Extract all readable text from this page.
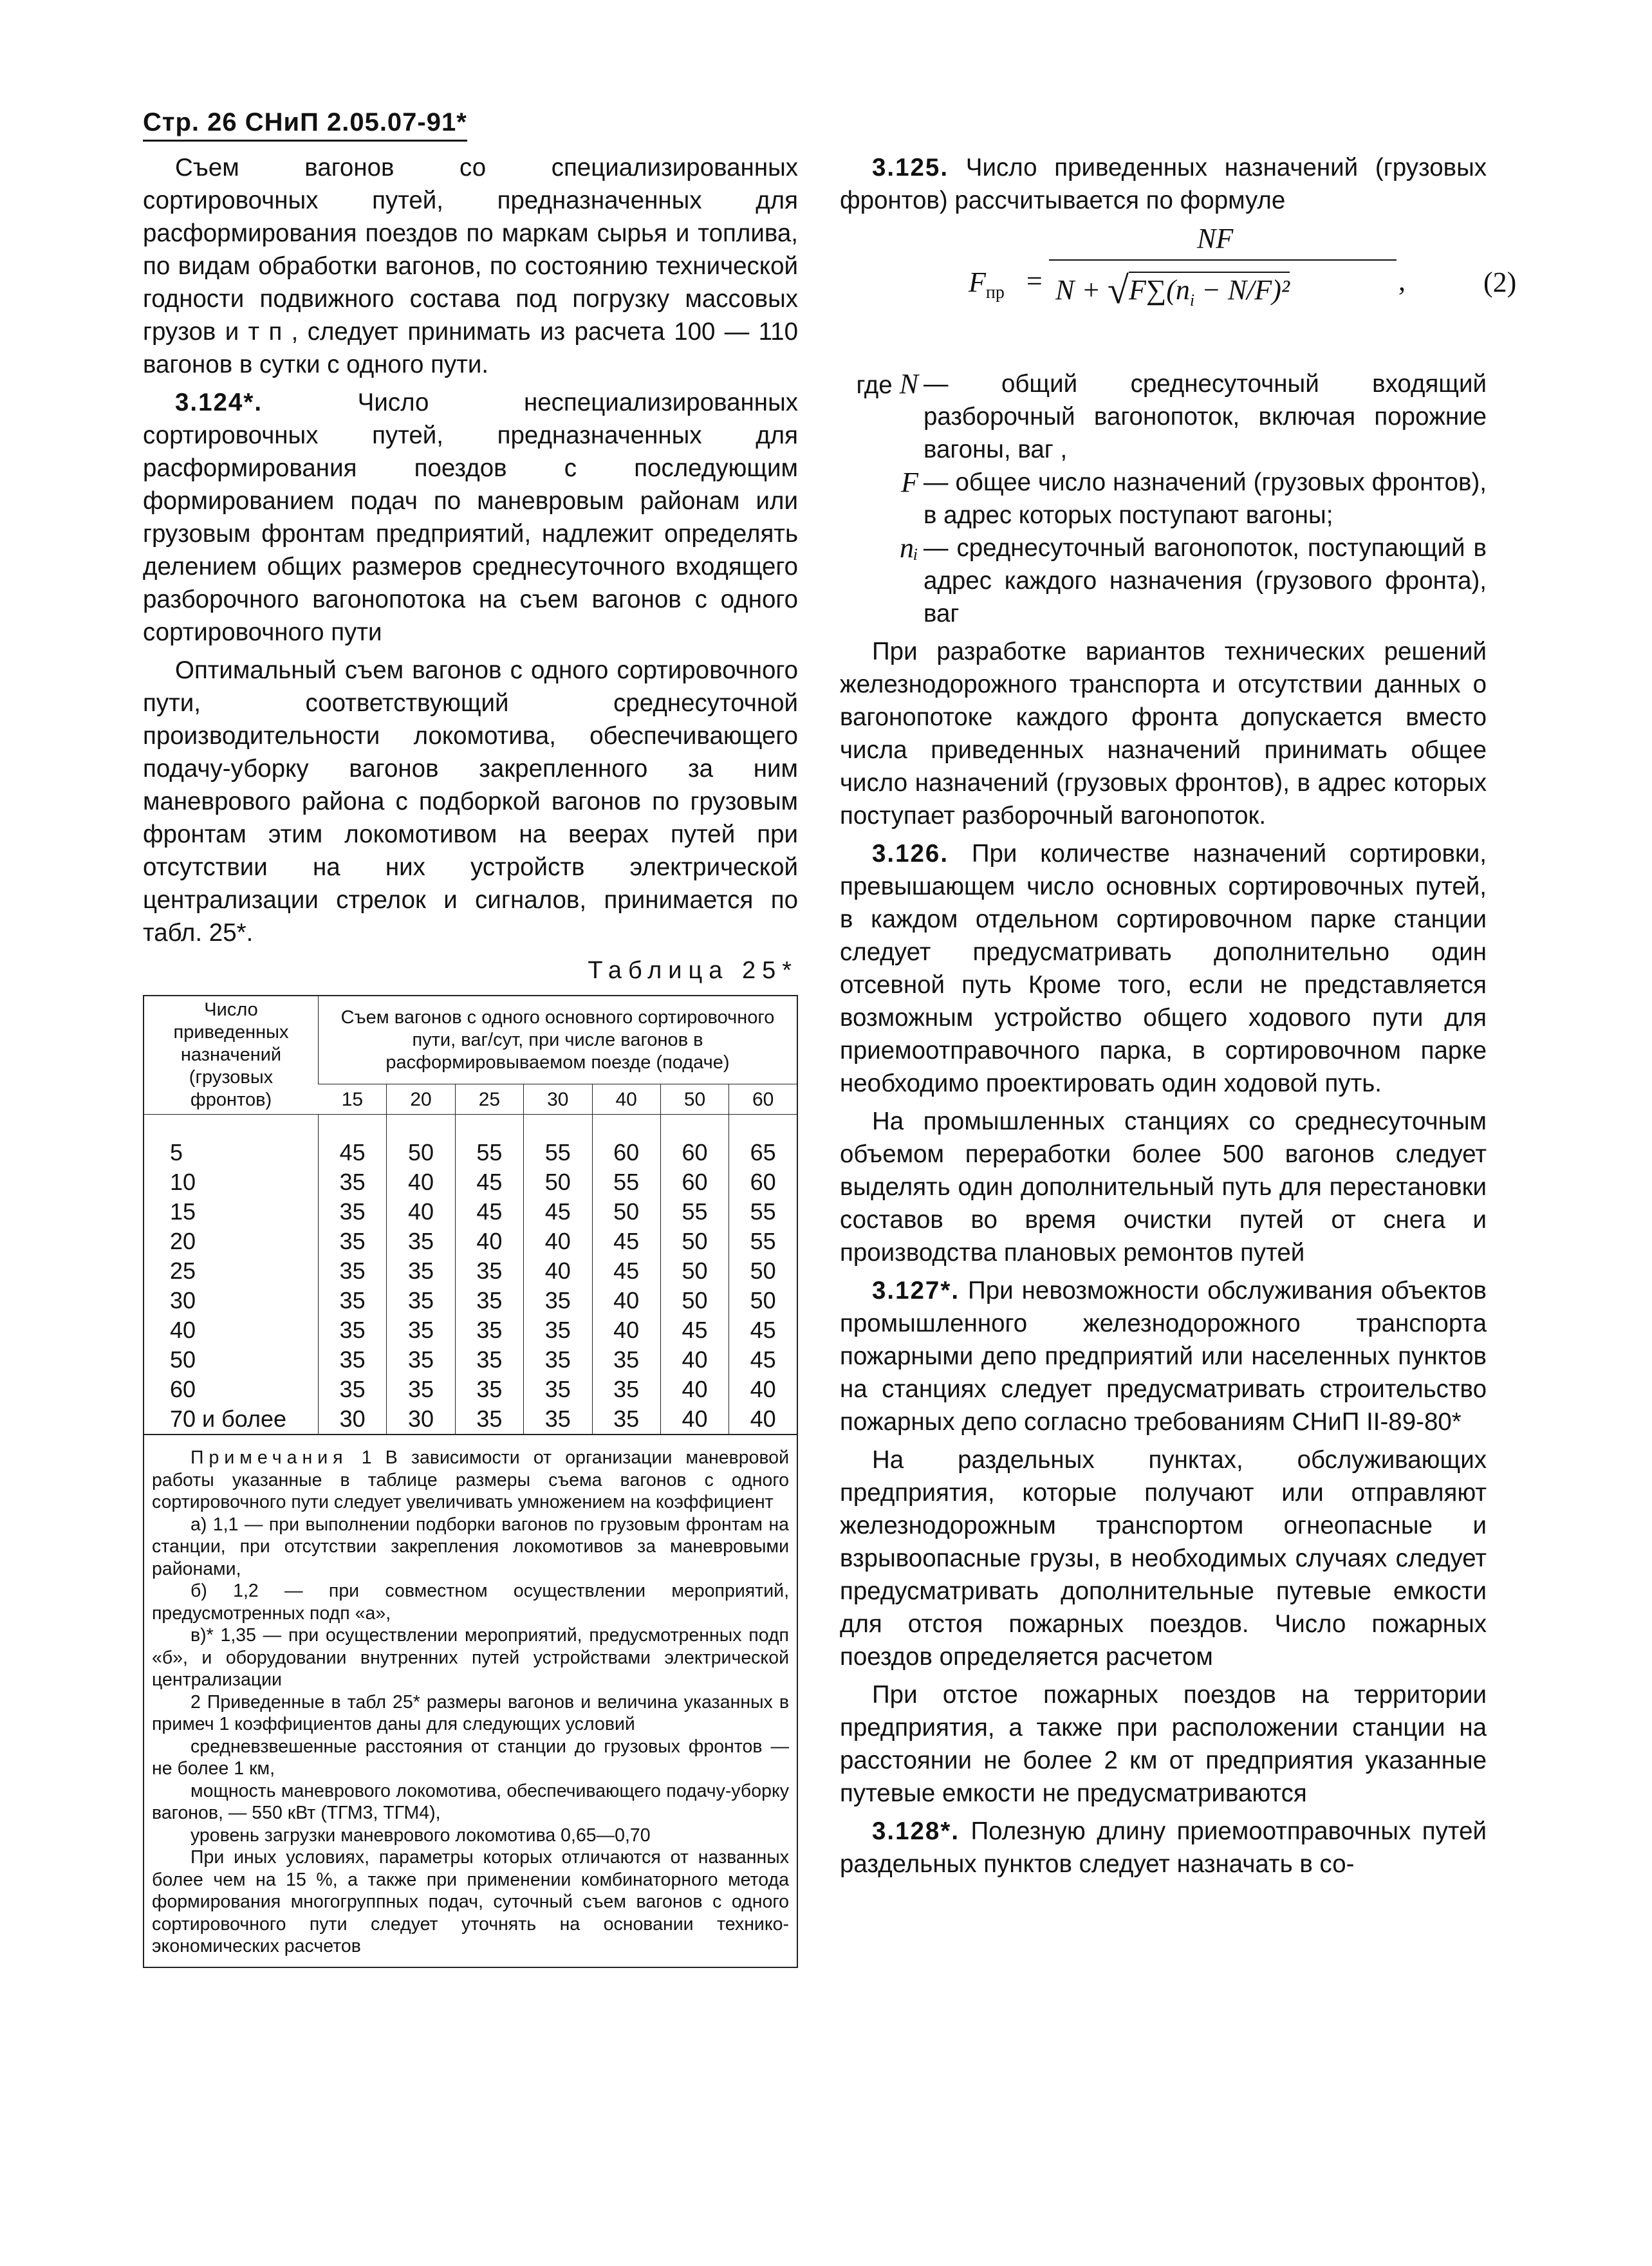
Стр. 26 СНиП 2.05.07-91*

Съем вагонов со специализированных сортировочных путей, предназначенных для расформирования поездов по маркам сырья и топлива, по видам обработки вагонов, по состоянию технической годности подвижного состава под погрузку массовых грузов и т п , следует принимать из расчета 100 — 110 вагонов в сутки с одного пути.

3.124*. Число неспециализированных сортировочных путей, предназначенных для расформирования поездов с последующим формированием подач по маневровым районам или грузовым фронтам предприятий, надлежит определять делением общих размеров среднесуточного входящего разборочного вагонопотока на съем вагонов с одного сортировочного пути

Оптимальный съем вагонов с одного сортировочного пути, соответствующий среднесуточной производительности локомотива, обеспечивающего подачу-уборку вагонов закрепленного за ним маневрового района с подборкой вагонов по грузовым фронтам этим локомотивом на веерах путей при отсутствии на них устройств электрической централизации стрелок и сигналов, принимается по табл. 25*.

Таблица 25*
Число приведенных назначений (грузовых фронтов)	Съем вагонов с одного основного сортировочного пути, ваг/сут, при числе вагонов в расформировываемом поезде (подаче)						
	15	20	25	30	40	50	60

5	45	50	55	55	60	60	65
10	35	40	45	50	55	60	60
15	35	40	45	45	50	55	55
20	35	35	40	40	45	50	55
25	35	35	35	40	45	50	50
30	35	35	35	35	40	50	50
40	35	35	35	35	40	45	45
50	35	35	35	35	35	40	45
60	35	35	35	35	35	40	40
70 и более	30	30	35	35	35	40	40
Примечания 1 В зависимости от организации маневровой работы указанные в таблице размеры съема вагонов с одного сортировочного пути следует увеличивать умножением на коэффициент
а) 1,1 — при выполнении подборки вагонов по грузовым фронтам на станции, при отсутствии закрепления локомотивов за маневровыми районами,
б) 1,2 — при совместном осуществлении мероприятий, предусмотренных подп «а»,
в)* 1,35 — при осуществлении мероприятий, предусмотренных подп «б», и оборудовании внутренних путей устройствами электрической централизации
2 Приведенные в табл 25* размеры вагонов и величина указанных в примеч 1 коэффициентов даны для следующих условий
средневзвешенные расстояния от станции до грузовых фронтов — не более 1 км,
мощность маневрового локомотива, обеспечивающего подачу-уборку вагонов, — 550 кВт (ТГМ3, ТГМ4),
уровень загрузки маневрового локомотива 0,65—0,70
При иных условиях, параметры которых отличаются от названных более чем на 15 %, а также при применении комбинаторного метода формирования многогруппных подач, суточный съем вагонов с одного сортировочного пути следует уточнять на основании технико-экономических расчетов

3.125. Число приведенных назначений (грузовых фронтов) рассчитывается по формуле

$F_{пр}$ =
NF
$N + √F\sum(n_i - N/F)^2$	,	(2)
где N — общий среднесуточный входящий разборочный вагонопоток, включая порожние вагоны, ваг ,
F — общее число назначений (грузовых фронтов), в адрес которых поступают вагоны;
nᵢ — среднесуточный вагонопоток, поступающий в адрес каждого назначения (грузового фронта), ваг

При разработке вариантов технических решений железнодорожного транспорта и отсутствии данных о вагонопотоке каждого фронта допускается вместо числа приведенных назначений принимать общее число назначений (грузовых фронтов), в адрес которых поступает разборочный вагонопоток.

3.126. При количестве назначений сортировки, превышающем число основных сортировочных путей, в каждом отдельном сортировочном парке станции следует предусматривать дополнительно один отсевной путь Кроме того, если не представляется возможным устройство общего ходового пути для приемоотправочного парка, в сортировочном парке необходимо проектировать один ходовой путь.

На промышленных станциях со среднесуточным объемом переработки более 500 вагонов следует выделять один дополнительный путь для перестановки составов во время очистки путей от снега и производства плановых ремонтов путей

3.127*. При невозможности обслуживания объектов промышленного железнодорожного транспорта пожарными депо предприятий или населенных пунктов на станциях следует предусматривать строительство пожарных депо согласно требованиям СНиП II-89-80*

На раздельных пунктах, обслуживающих предприятия, которые получают или отправляют железнодорожным транспортом огнеопасные и взрывоопасные грузы, в необходимых случаях следует предусматривать дополнительные путевые емкости для отстоя пожарных поездов. Число пожарных поездов определяется расчетом

При отстое пожарных поездов на территории предприятия, а также при расположении станции на расстоянии не более 2 км от предприятия указанные путевые емкости не предусматриваются

3.128*. Полезную длину приемоотправочных путей раздельных пунктов следует назначать в со-
